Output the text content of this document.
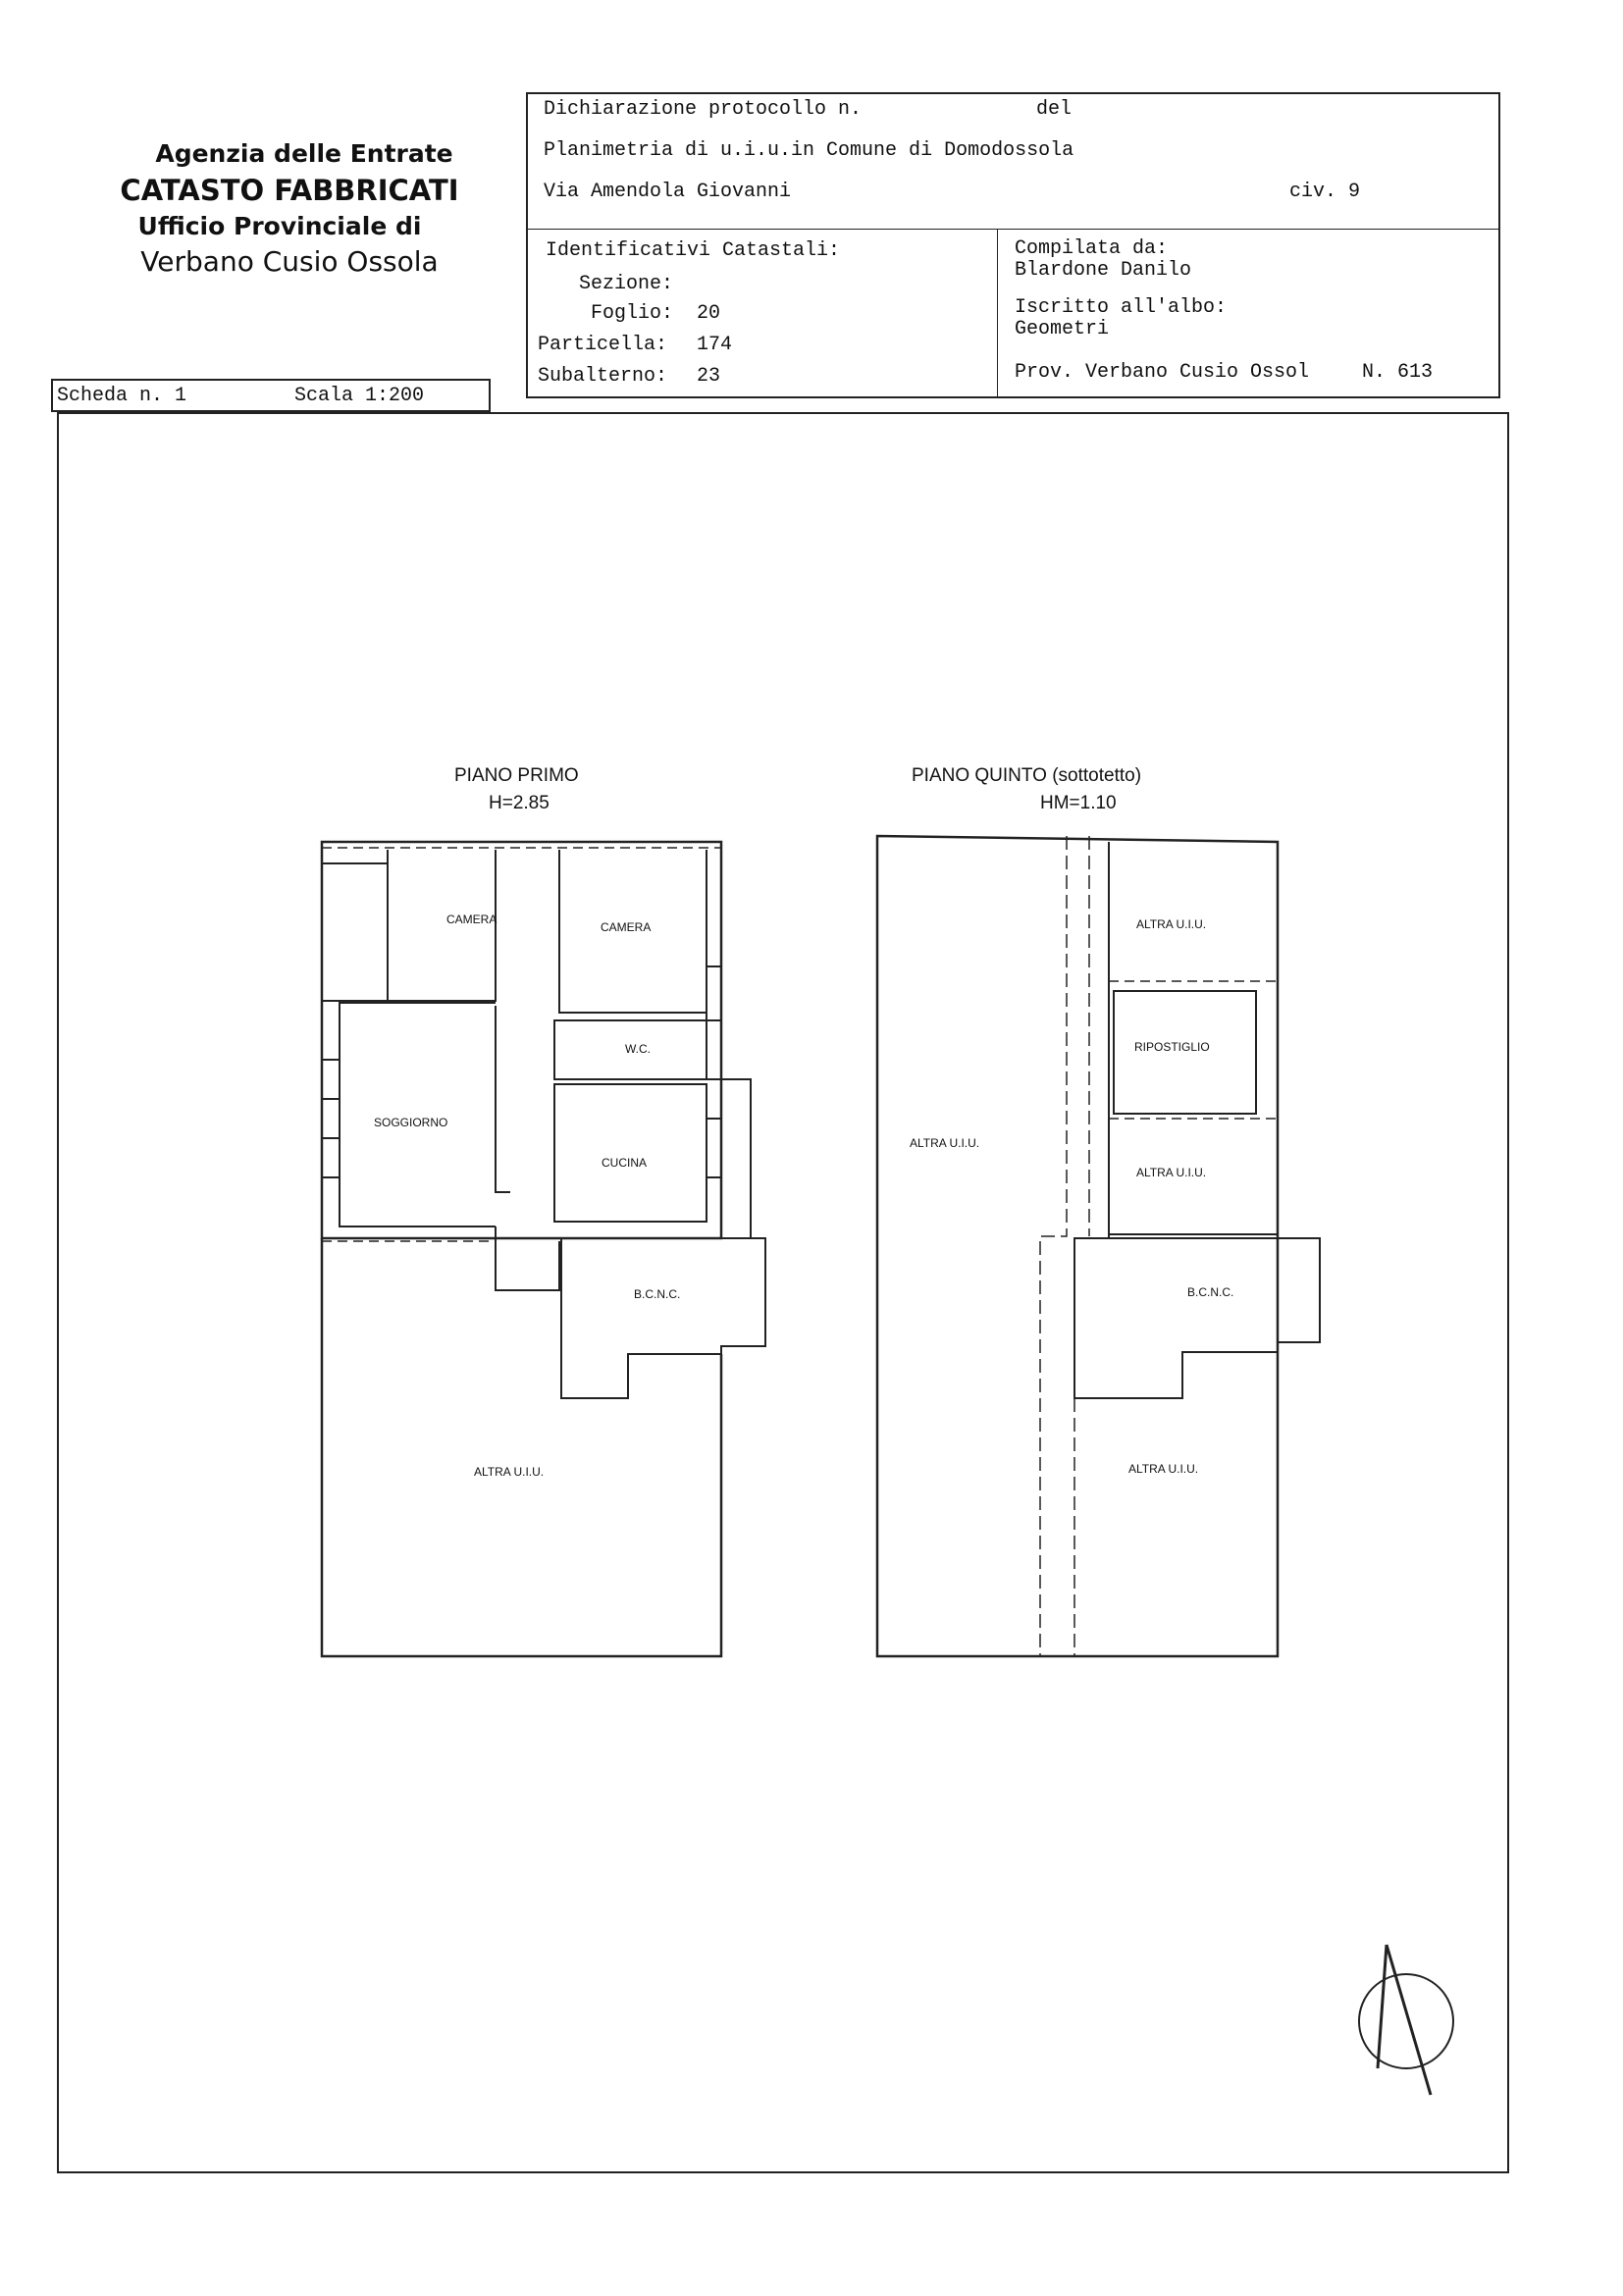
Agenzia delle Entrate
CATASTO FABBRICATI
Ufficio Provinciale di
Verbano Cusio Ossola
Dichiarazione protocollo n.	del
Planimetria di u.i.u.in Comune di Domodossola
Via Amendola Giovanni	civ. 9
Identificativi Catastali:
Sezione:
Foglio: 20
Particella: 174
Subalterno: 23
Compilata da:
Blardone Danilo
Iscritto all'albo:
Geometri
Prov. Verbano Cusio Ossol	N. 613
Scheda n. 1	Scala 1:200
PIANO PRIMO
H=2.85
CAMERA
CAMERA
W.C.
SOGGIORNO
CUCINA
B.C.N.C.
ALTRA U.I.U.
PIANO QUINTO (sottotetto)
HM=1.10
ALTRA U.I.U.
RIPOSTIGLIO
ALTRA U.I.U.
ALTRA U.I.U.
B.C.N.C.
ALTRA U.I.U.
